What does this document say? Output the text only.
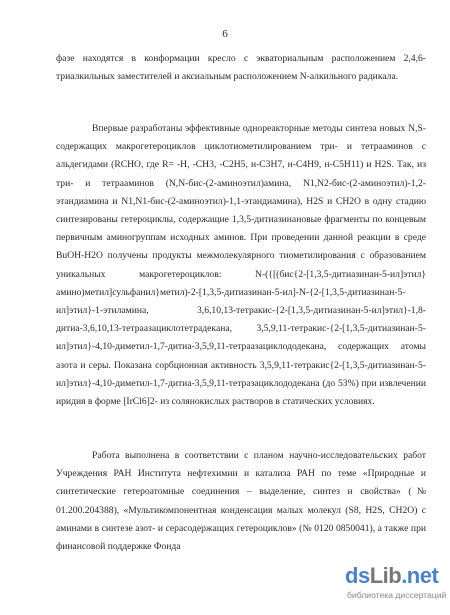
6
фазе находятся в конформации кресло с экваториальным расположением 2,4,6-триалкильных заместителей и аксиальным расположением N-алкильного радикала.
Впервые разработаны эффективные однореакторные методы синтеза новых N,S-содержащих макрогетероциклов циклотиометилированием три- и тетрааминов с альдегидами (RCHO, где R= -H, -CH3, -C2H5, н-C3H7, н-C4H9, н-C5H11) и H2S. Так, из три- и тетрааминов (N,N-бис-(2-аминоэтил)амина, N1,N2-бис-(2-аминоэтил)-1,2-этандиамина и N1,N1-бис-(2-аминоэтил)-1,1-этандиамина), H2S и CH2O в одну стадию синтезированы гетероциклы, содержащие 1,3,5-дитиазинановые фрагменты по концевым первичным аминогруппам исходных аминов. При проведении данной реакции в среде BuOH-H2O получены продукты межмолекулярного тиометилирования с образованием уникальных макрогетероциклов: N-({[(бис{2-[1,3,5-дитиазинан-5-ил]этил}амино)метил]сульфанил}метил)-2-[1,3,5-дитиазинан-5-ил]-N-{2-[1,3,5-дитиазинан-5-ил]этил}-1-этиламина, 3,6,10,13-тетракис-{2-[1,3,5-дитиазинан-5-ил]этил}-1,8-дитиа-3,6,10,13-тетраазациклотетрадекана, 3,5,9,11-тетракис-{2-[1,3,5-дитиазинан-5-ил]этил}-4,10-диметил-1,7-дитиа-3,5,9,11-тетраазациклододекана, содержащих атомы азота и серы. Показана сорбционная активность 3,5,9,11-тетракис{2-[1,3,5-дитиазинан-5-ил]этил}-4,10-диметил-1,7-дитиа-3,5,9,11-тетразациклододекана (до 53%) при извлечении иридия в форме [IrCl6]2- из солянокислых растворов в статических условиях.
Работа выполнена в соответствии с планом научно-исследовательских работ Учреждения РАН Института нефтехимии и катализа РАН по теме «Природные и синтетические гетероатомные соединения – выделение, синтез и свойства» (№ 01.200.204388), «Мультикомпонентная конденсация малых молекул (S8, H2S, CH2O) с аминами в синтезе азот- и серасодержащих гетероциклов» (№ 0120 0850041), а также при финансовой поддержке Фонда
dsLib.net
библиотека диссертаций
